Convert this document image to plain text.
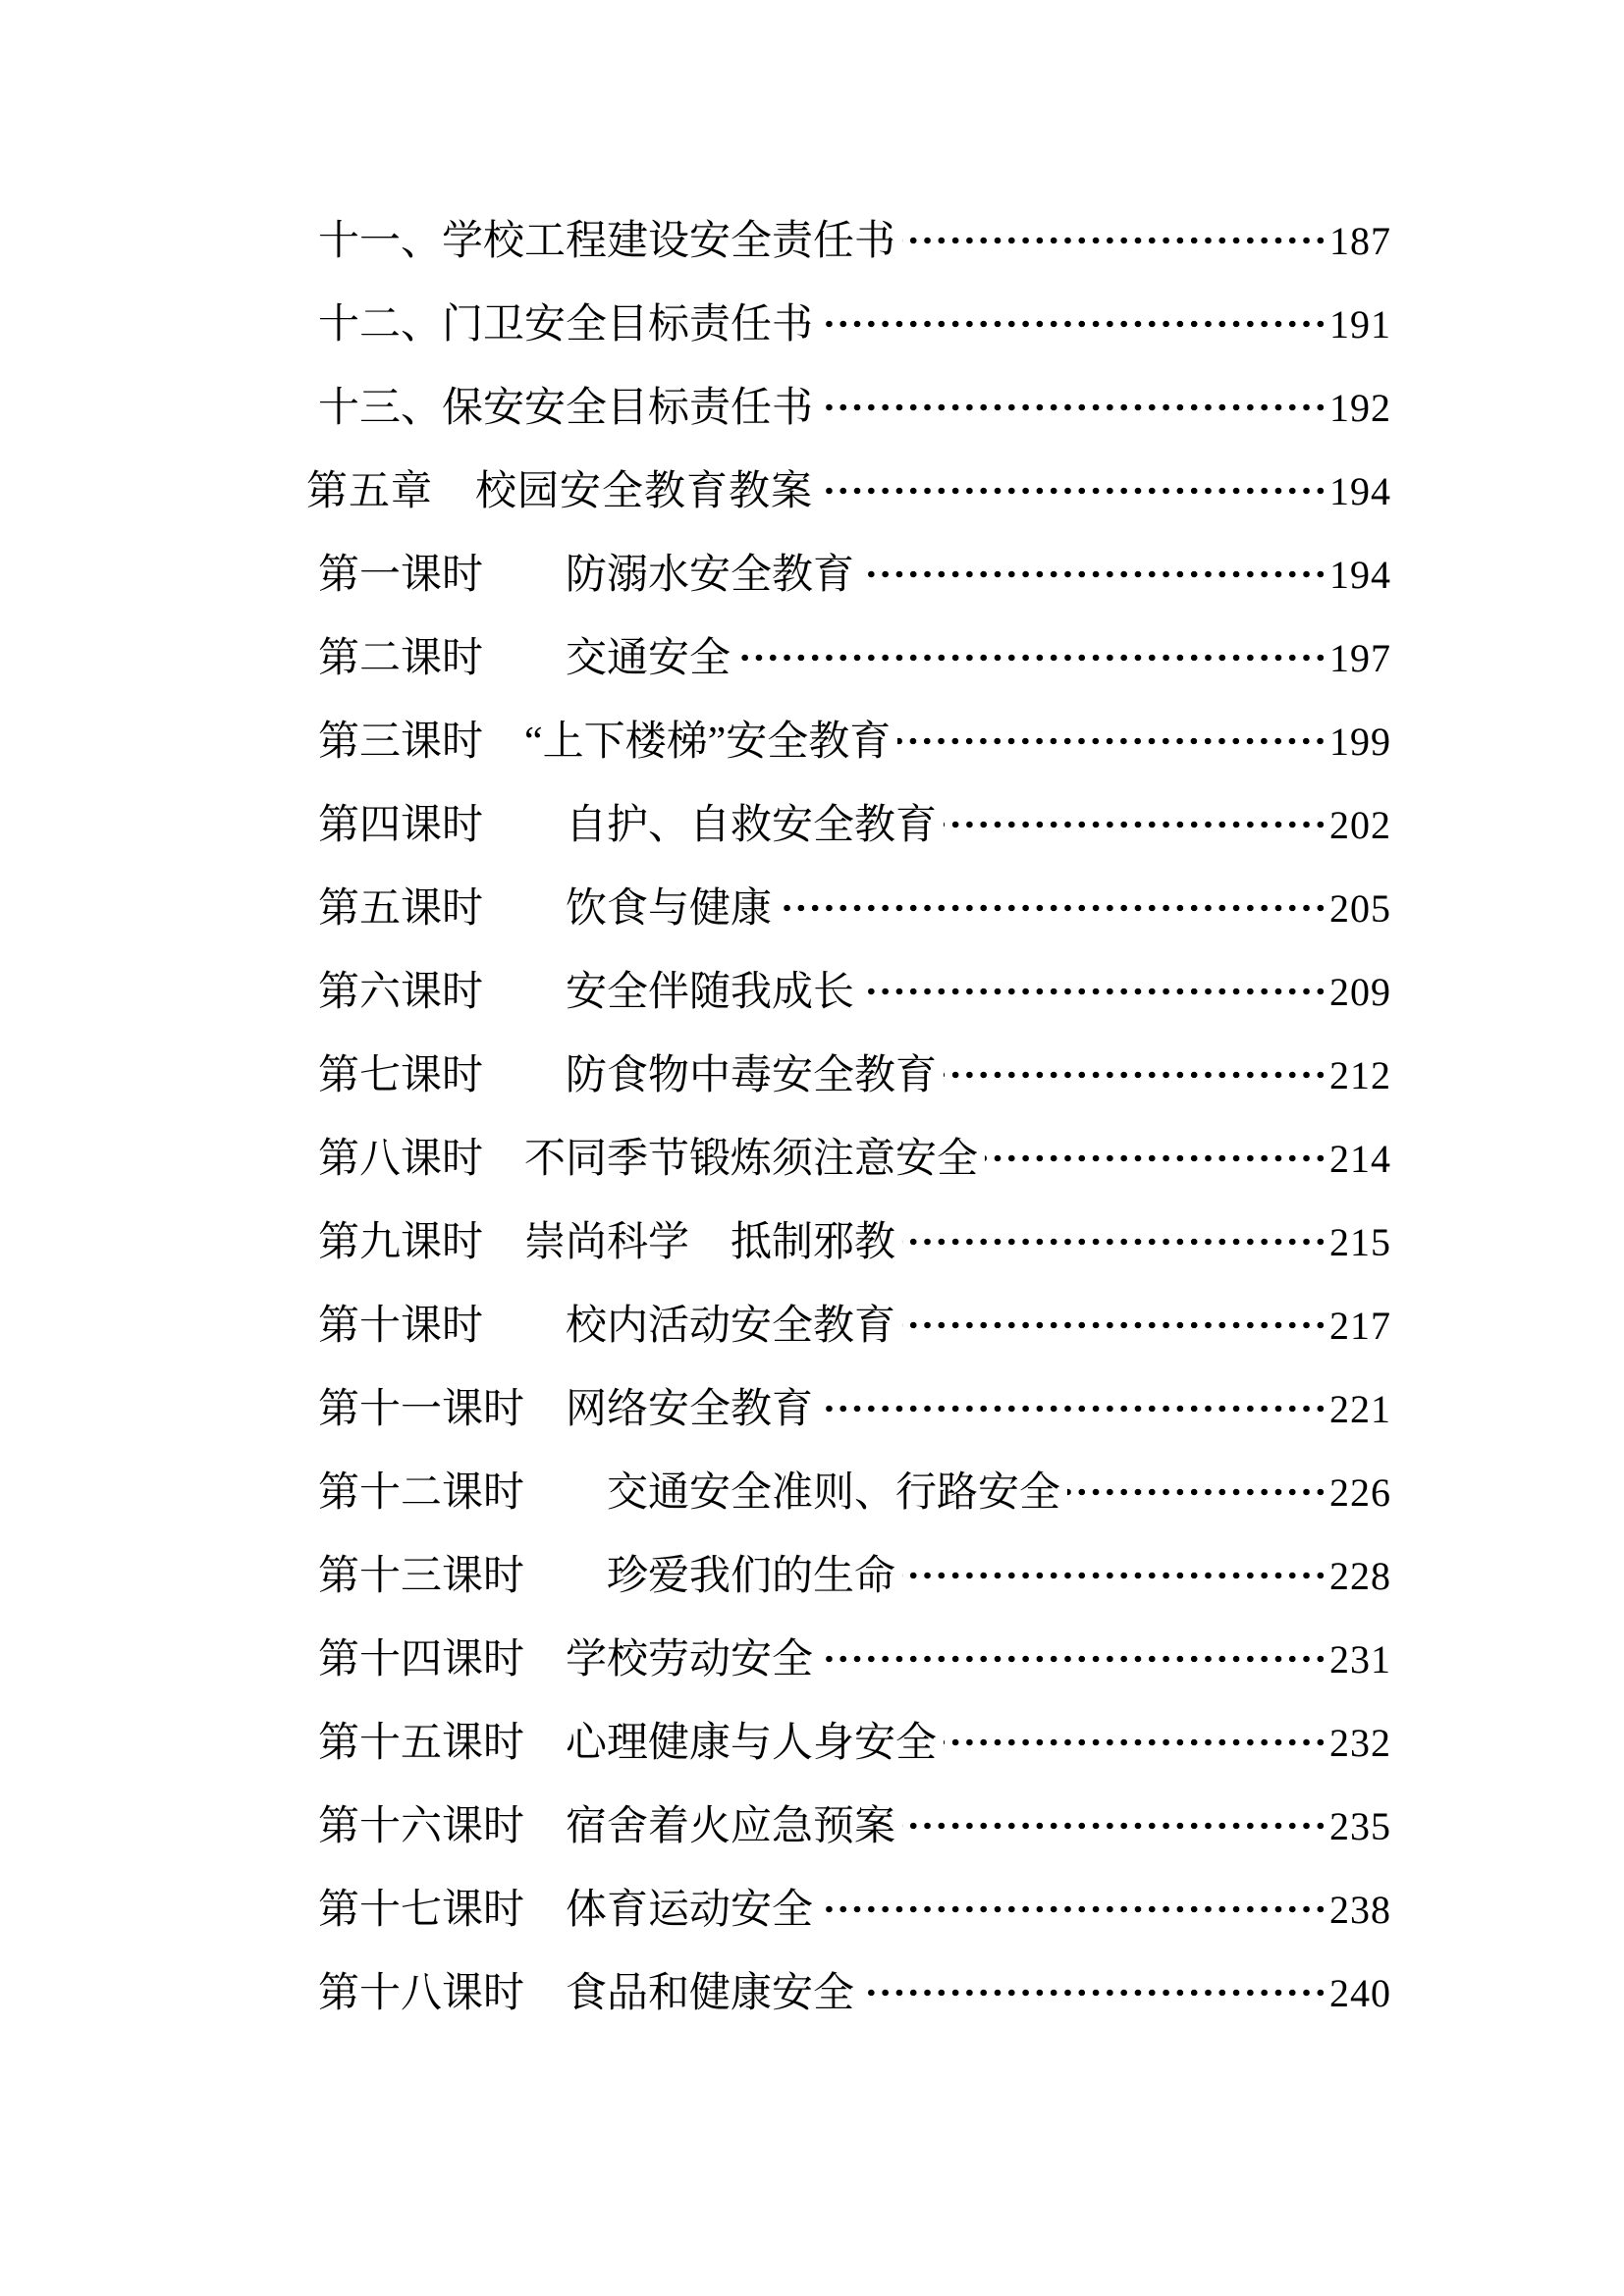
十一、学校工程建设安全责任书	187
十二、门卫安全目标责任书	191
十三、保安安全目标责任书	192
第五章　校园安全教育教案	194
第一课时　　防溺水安全教育	194
第二课时　　交通安全	197
第三课时　“上下楼梯”安全教育	199
第四课时　　自护、自救安全教育	202
第五课时　　饮食与健康	205
第六课时　　安全伴随我成长	209
第七课时　　防食物中毒安全教育	212
第八课时　不同季节锻炼须注意安全	214
第九课时　崇尚科学　抵制邪教	215
第十课时　　校内活动安全教育	217
第十一课时　网络安全教育	221
第十二课时　　交通安全准则、行路安全	226
第十三课时　　珍爱我们的生命	228
第十四课时　学校劳动安全	231
第十五课时　心理健康与人身安全	232
第十六课时　宿舍着火应急预案	235
第十七课时　体育运动安全	238
第十八课时　食品和健康安全	240
